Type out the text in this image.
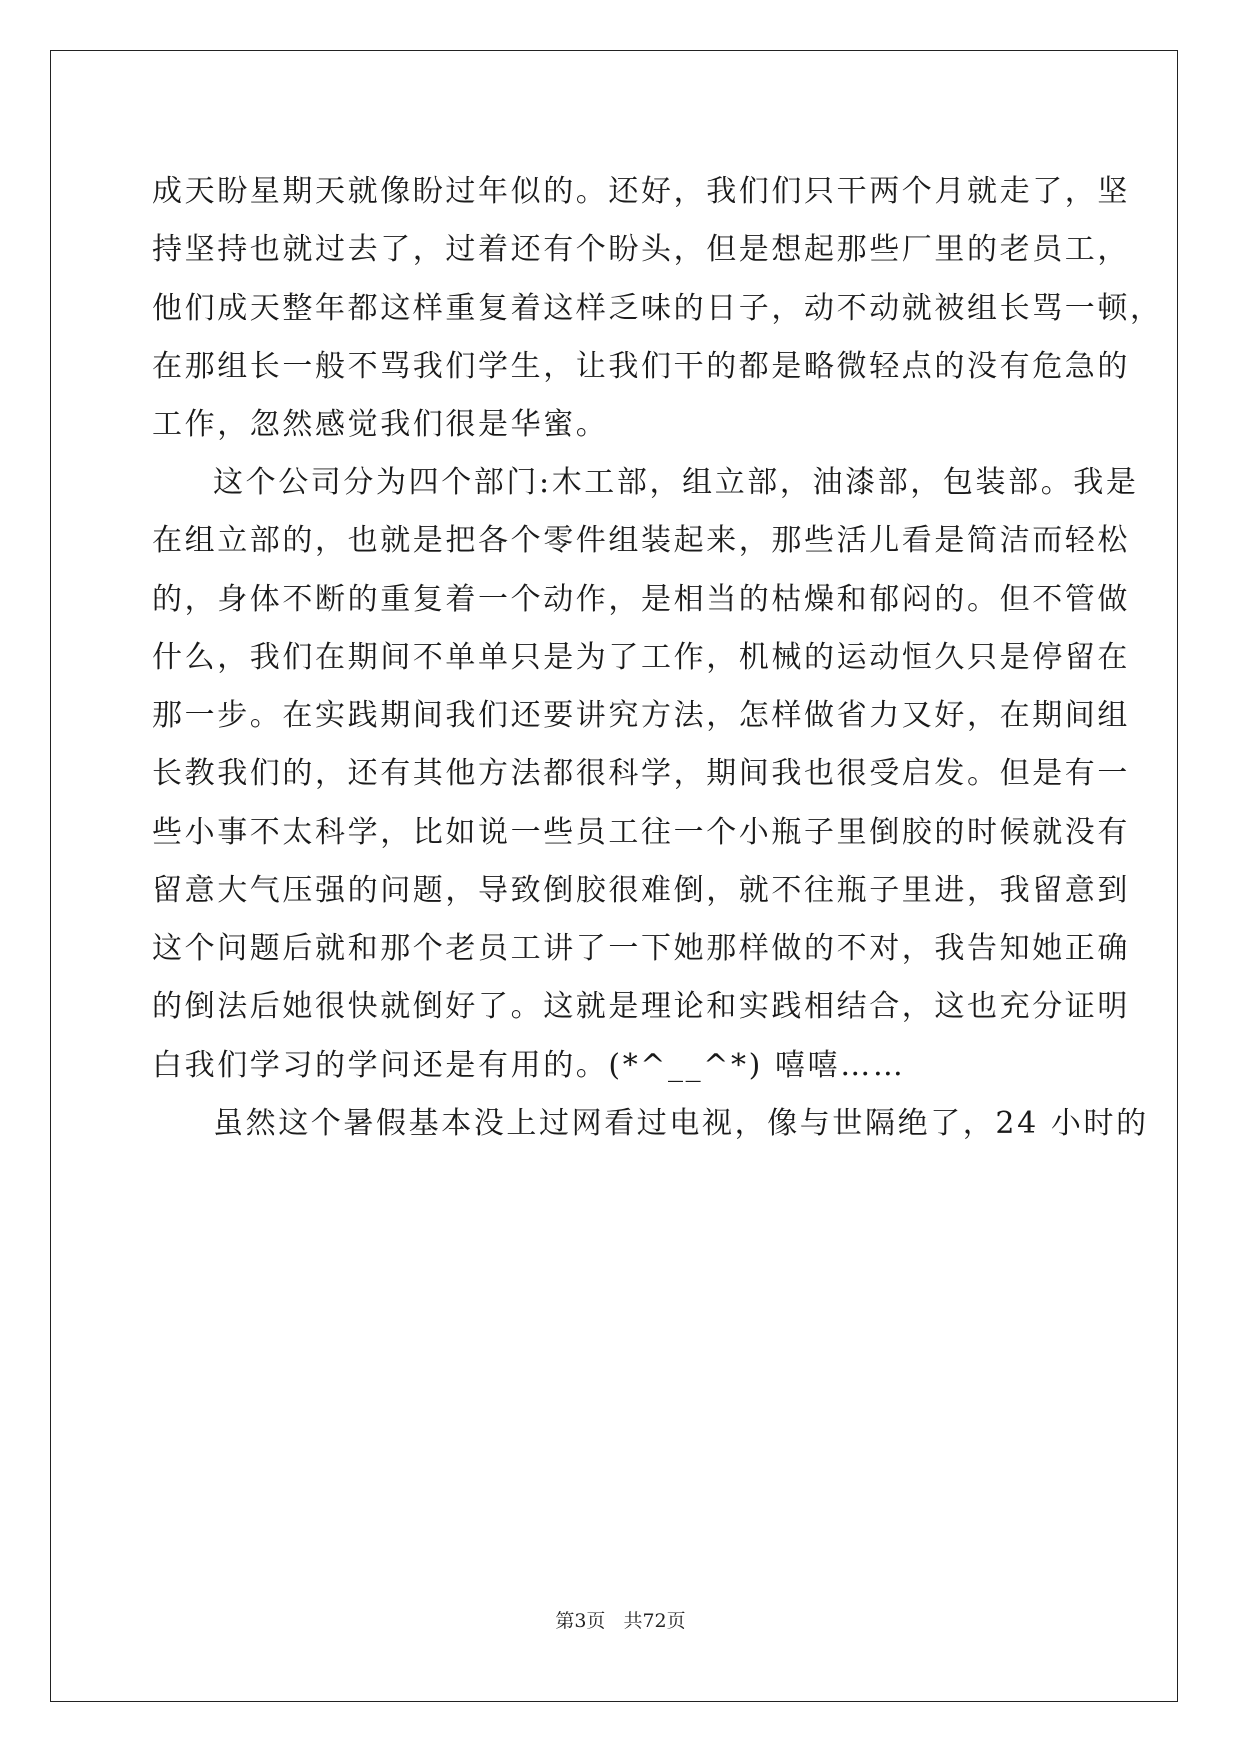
成天盼星期天就像盼过年似的。还好，我们们只干两个月就走了，坚
持坚持也就过去了，过着还有个盼头，但是想起那些厂里的老员工，
他们成天整年都这样重复着这样乏味的日子，动不动就被组长骂一顿，
在那组长一般不骂我们学生，让我们干的都是略微轻点的没有危急的
工作，忽然感觉我们很是华蜜。
这个公司分为四个部门:木工部，组立部，油漆部，包装部。我是
在组立部的，也就是把各个零件组装起来，那些活儿看是简洁而轻松
的，身体不断的重复着一个动作，是相当的枯燥和郁闷的。但不管做
什么，我们在期间不单单只是为了工作，机械的运动恒久只是停留在
那一步。在实践期间我们还要讲究方法，怎样做省力又好，在期间组
长教我们的，还有其他方法都很科学，期间我也很受启发。但是有一
些小事不太科学，比如说一些员工往一个小瓶子里倒胶的时候就没有
留意大气压强的问题，导致倒胶很难倒，就不往瓶子里进，我留意到
这个问题后就和那个老员工讲了一下她那样做的不对，我告知她正确
的倒法后她很快就倒好了。这就是理论和实践相结合，这也充分证明
白我们学习的学问还是有用的。(*^__^*) 嘻嘻……
虽然这个暑假基本没上过网看过电视，像与世隔绝了，24 小时的
第3页 共72页
